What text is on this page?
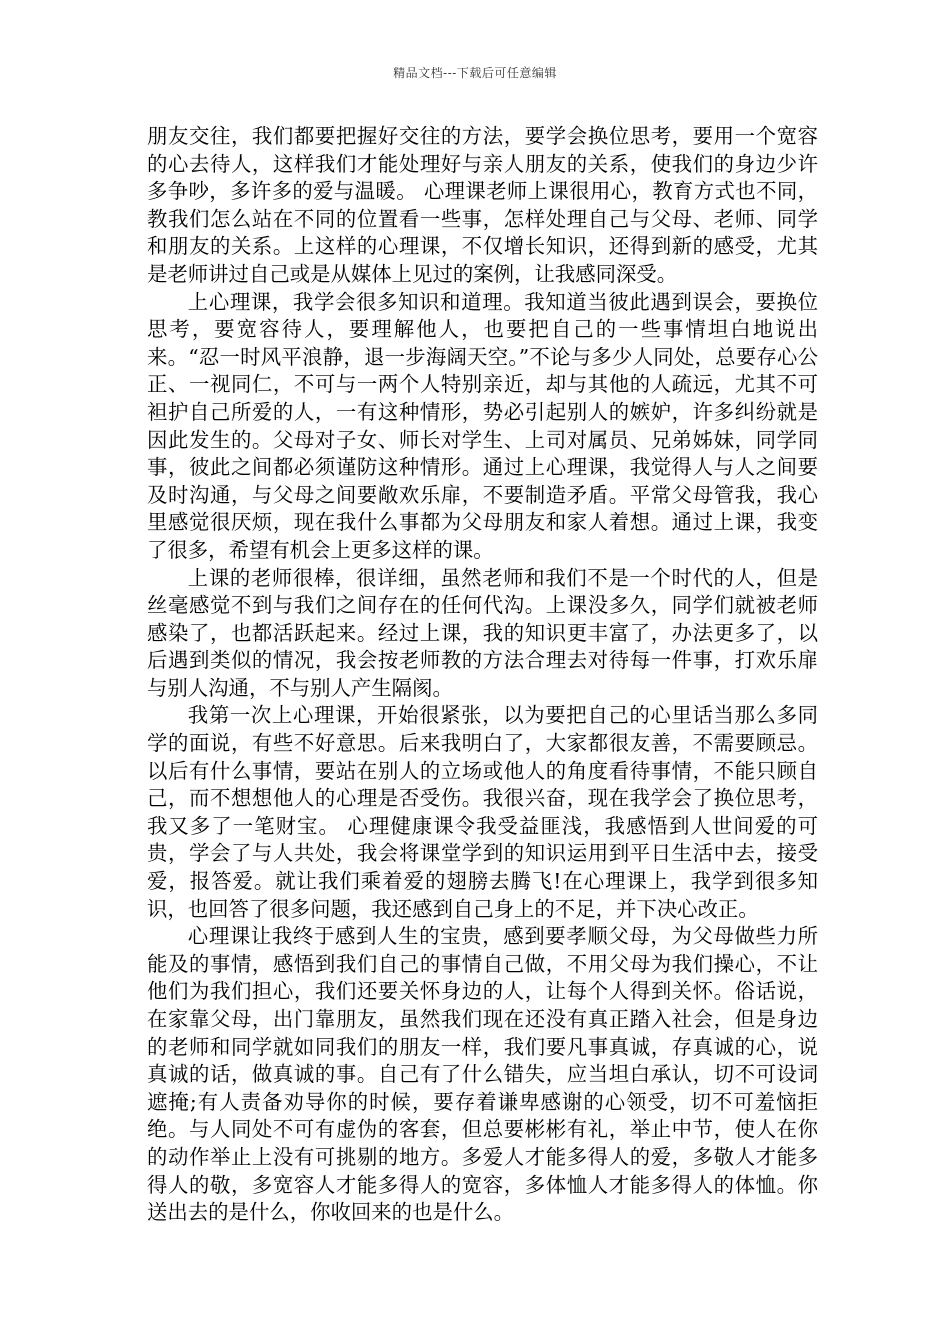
精品文档---下载后可任意编辑

朋友交往，我们都要把握好交往的方法，要学会换位思考，要用一个宽容的心去待人，这样我们才能处理好与亲人朋友的关系，使我们的身边少许多争吵，多许多的爱与温暖。 心理课老师上课很用心，教育方式也不同，教我们怎么站在不同的位置看一些事，怎样处理自己与父母、老师、同学和朋友的关系。上这样的心理课，不仅增长知识，还得到新的感受，尤其是老师讲过自己或是从媒体上见过的案例，让我感同深受。

上心理课，我学会很多知识和道理。我知道当彼此遇到误会，要换位思考，要宽容待人，要理解他人，也要把自己的一些事情坦白地说出来。“忍一时风平浪静，退一步海阔天空。”不论与多少人同处，总要存心公正、一视同仁，不可与一两个人特别亲近，却与其他的人疏远，尤其不可袒护自己所爱的人，一有这种情形，势必引起别人的嫉妒，许多纠纷就是因此发生的。父母对子女、师长对学生、上司对属员、兄弟姊妹，同学同事，彼此之间都必须谨防这种情形。通过上心理课，我觉得人与人之间要及时沟通，与父母之间要敞欢乐扉，不要制造矛盾。平常父母管我，我心里感觉很厌烦，现在我什么事都为父母朋友和家人着想。通过上课，我变了很多，希望有机会上更多这样的课。

上课的老师很棒，很详细，虽然老师和我们不是一个时代的人，但是丝毫感觉不到与我们之间存在的任何代沟。上课没多久，同学们就被老师感染了，也都活跃起来。经过上课，我的知识更丰富了，办法更多了，以后遇到类似的情况，我会按老师教的方法合理去对待每一件事，打欢乐扉与别人沟通，不与别人产生隔阂。

我第一次上心理课，开始很紧张，以为要把自己的心里话当那么多同学的面说，有些不好意思。后来我明白了，大家都很友善，不需要顾忌。以后有什么事情，要站在别人的立场或他人的角度看待事情，不能只顾自己，而不想想他人的心理是否受伤。我很兴奋，现在我学会了换位思考，我又多了一笔财宝。 心理健康课令我受益匪浅，我感悟到人世间爱的可贵，学会了与人共处，我会将课堂学到的知识运用到平日生活中去，接受爱，报答爱。就让我们乘着爱的翅膀去腾飞!在心理课上，我学到很多知识，也回答了很多问题，我还感到自己身上的不足，并下决心改正。

心理课让我终于感到人生的宝贵，感到要孝顺父母，为父母做些力所能及的事情，感悟到我们自己的事情自己做，不用父母为我们操心，不让他们为我们担心，我们还要关怀身边的人，让每个人得到关怀。俗话说，在家靠父母，出门靠朋友，虽然我们现在还没有真正踏入社会，但是身边的老师和同学就如同我们的朋友一样，我们要凡事真诚，存真诚的心，说真诚的话，做真诚的事。自己有了什么错失，应当坦白承认，切不可设词遮掩;有人责备劝导你的时候，要存着谦卑感谢的心领受，切不可羞恼拒绝。与人同处不可有虚伪的客套，但总要彬彬有礼，举止中节，使人在你的动作举止上没有可挑剔的地方。多爱人才能多得人的爱，多敬人才能多得人的敬，多宽容人才能多得人的宽容，多体恤人才能多得人的体恤。你送出去的是什么，你收回来的也是什么。
